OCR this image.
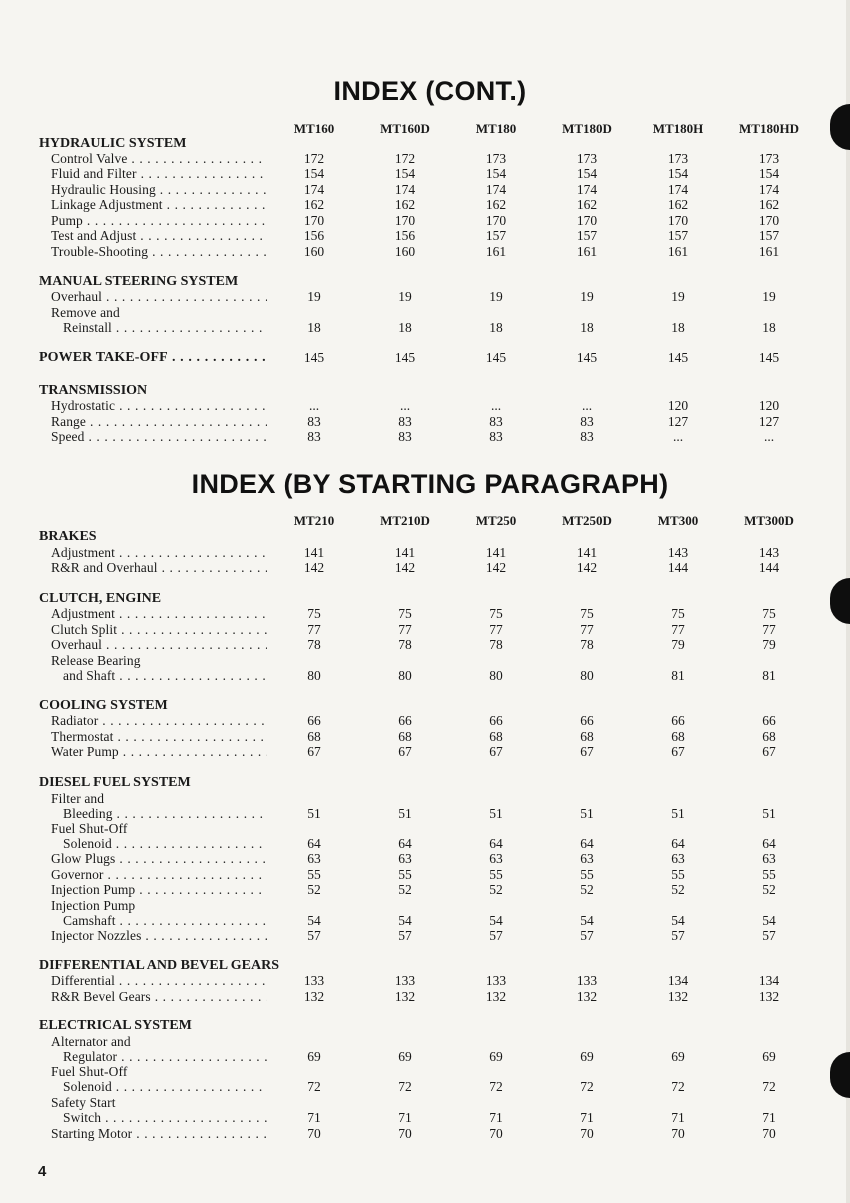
INDEX (CONT.)
MT160	MT160D	MT180	MT180D	MT180H	MT180HD
HYDRAULIC SYSTEM
Control Valve . . .	172	172	173	173	173	173
Fluid and Filter . . .	154	154	154	154	154	154
Hydraulic Housing . . .	174	174	174	174	174	174
Linkage Adjustment . . .	162	162	162	162	162	162
Pump . . .	170	170	170	170	170	170
Test and Adjust . . .	156	156	157	157	157	157
Trouble-Shooting . . .	160	160	161	161	161	161
MANUAL STEERING SYSTEM
Overhaul . . .	19	19	19	19	19	19
Remove and
Reinstall . . .	18	18	18	18	18	18
POWER TAKE-OFF . . .	145	145	145	145	145	145
TRANSMISSION
Hydrostatic . . .	...	...	...	...	120	120
Range . . .	83	83	83	83	127	127
Speed . . .	83	83	83	83	...	...
INDEX (BY STARTING PARAGRAPH)
MT210	MT210D	MT250	MT250D	MT300	MT300D
BRAKES
Adjustment . . .	141	141	141	141	143	143
R&R and Overhaul . . .	142	142	142	142	144	144
CLUTCH, ENGINE
Adjustment . . .	75	75	75	75	75	75
Clutch Split . . .	77	77	77	77	77	77
Overhaul . . .	78	78	78	78	79	79
Release Bearing
and Shaft . . .	80	80	80	80	81	81
COOLING SYSTEM
Radiator . . .	66	66	66	66	66	66
Thermostat . . .	68	68	68	68	68	68
Water Pump . . .	67	67	67	67	67	67
DIESEL FUEL SYSTEM
Filter and
Bleeding . . .	51	51	51	51	51	51
Fuel Shut-Off
Solenoid . . .	64	64	64	64	64	64
Glow Plugs . . .	63	63	63	63	63	63
Governor . . .	55	55	55	55	55	55
Injection Pump . . .	52	52	52	52	52	52
Injection Pump
Camshaft . . .	54	54	54	54	54	54
Injector Nozzles . . .	57	57	57	57	57	57
DIFFERENTIAL AND BEVEL GEARS
Differential . . .	133	133	133	133	134	134
R&R Bevel Gears . . .	132	132	132	132	132	132
ELECTRICAL SYSTEM
Alternator and
Regulator . . .	69	69	69	69	69	69
Fuel Shut-Off
Solenoid . . .	72	72	72	72	72	72
Safety Start
Switch . . .	71	71	71	71	71	71
Starting Motor . . .	70	70	70	70	70	70
4
